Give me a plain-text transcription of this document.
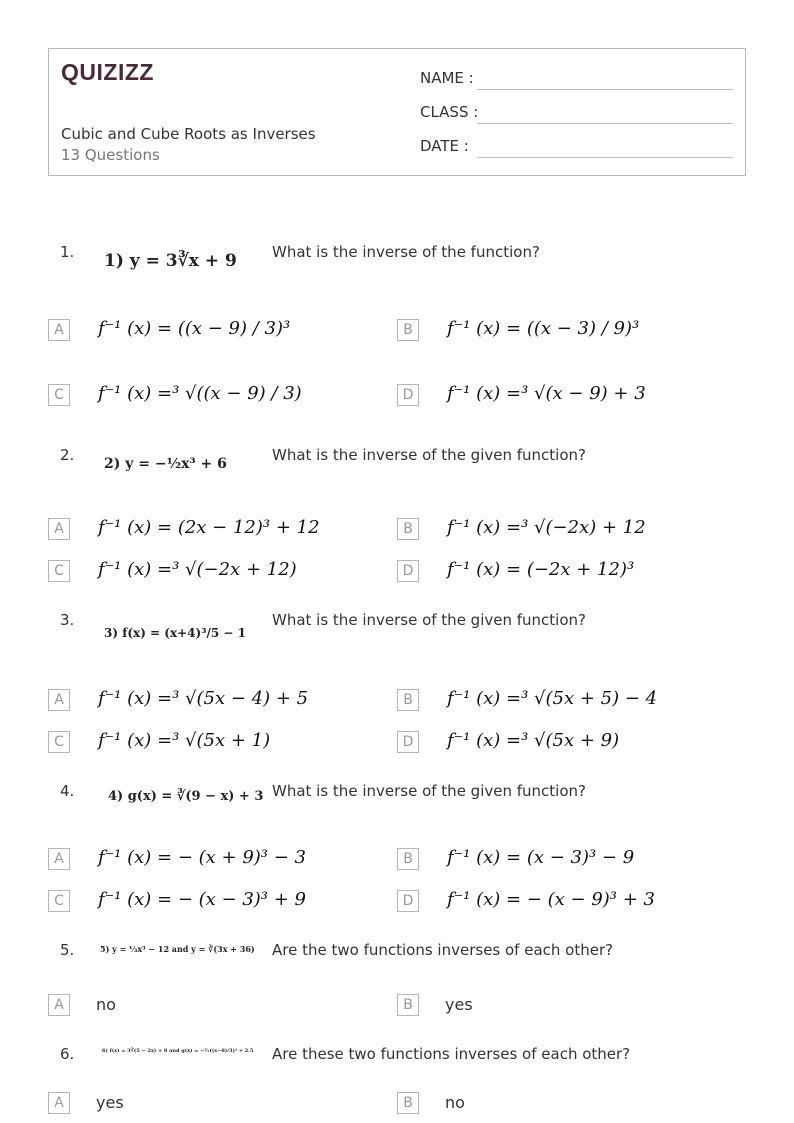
QUIZIZZ
Cubic and Cube Roots as Inverses
13 Questions
NAME :
CLASS :
DATE :
1. 1) y = 3∛x + 9 What is the inverse of the function?
A	f⁻¹ (x) = ((x − 9) / 3)³	B	f⁻¹ (x) = ((x − 3) / 9)³
C	f⁻¹ (x) =³ √((x − 9) / 3)	D	f⁻¹ (x) =³ √(x − 9) + 3
2. 2) y = −½x³ + 6	What is the inverse of the given function?
A	f⁻¹ (x) = (2x − 12)³ + 12	B	f⁻¹ (x) =³ √(−2x) + 12
C	f⁻¹ (x) =³ √(−2x + 12)	D	f⁻¹ (x) = (−2x + 12)³
3.
3) f(x) = (x+4)³/5 − 1
What is the inverse of the given function?
A	f⁻¹ (x) =³ √(5x − 4) + 5	B	f⁻¹ (x) =³ √(5x + 5) − 4
C	f⁻¹ (x) =³ √(5x + 1)	D	f⁻¹ (x) =³ √(5x + 9)
4.	4) g(x) = ∛(9 − x) + 3 What is the inverse of the given function?
A	f⁻¹ (x) = − (x + 9)³ − 3	B	f⁻¹ (x) = (x − 3)³ − 9
C	f⁻¹ (x) = − (x − 3)³ + 9	D	f⁻¹ (x) = − (x − 9)³ + 3
5.	5) y = ⅓x³ − 12 and y = ∛(3x + 36) Are the two functions inverses of each other?
A	no	B	yes
6.	6) f(x) = 3∛(5 − 2x) + 8 and g(x) = −½((x−8)/3)³ + 2.5 Are these two functions inverses of each other?
A	yes	B	no
